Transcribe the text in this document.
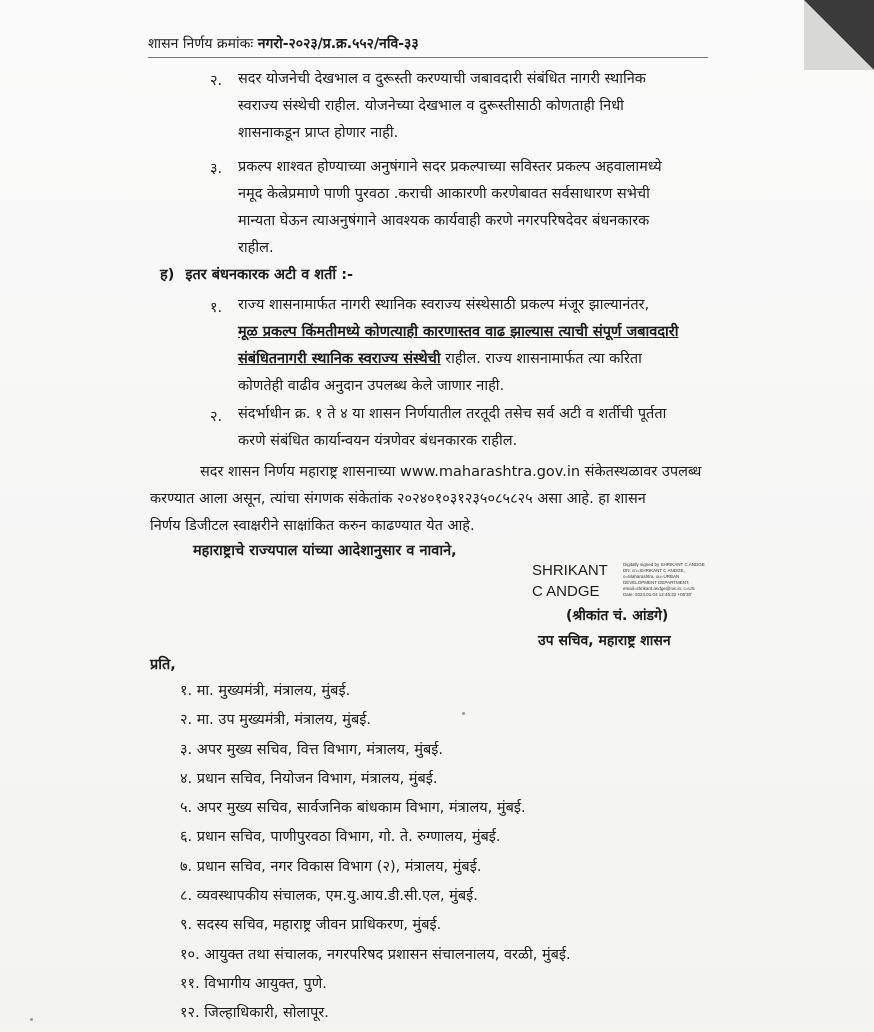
शासन निर्णय क्रमांकः नगरो-२०२३/प्र.क्र.५५२/नवि-३३
२. सदर योजनेची देखभाल व दुरूस्ती करण्याची जबावदारी संबंधित नागरी स्थानिक
स्वराज्य संस्थेची राहील. योजनेच्या देखभाल व दुरूस्तीसाठी कोणताही निधी
शासनाकडून प्राप्त होणार नाही.
३. प्रकल्प शाश्वत होण्याच्या अनुषंगाने सदर प्रकल्पाच्या सविस्तर प्रकल्प अहवालामध्ये
नमूद केल्रेप्रमाणे पाणी पुरवठा .कराची आकारणी करणेबावत सर्वसाधारण सभेची
मान्यता घेऊन त्याअनुषंगाने आवश्यक कार्यवाही करणे नगरपरिषदेवर बंधनकारक
राहील.
ह) इतर बंधनकारक अटी व शर्ती :-
१. राज्य शासनामार्फत नागरी स्थानिक स्वराज्य संस्थेसाठी प्रकल्प मंजूर झाल्यानंतर,
मूळ प्रकल्प किंमतीमध्ये कोणत्याही कारणास्तव वाढ झाल्यास त्याची संपूर्ण जबावदारी
संबंधितनागरी स्थानिक स्वराज्य संस्थेची राहील. राज्य शासनामार्फत त्या करिता
कोणतेही वाढीव अनुदान उपलब्ध केले जाणार नाही.
२. संदर्भाधीन क्र. १ ते ४ या शासन निर्णयातील तरतूदी तसेच सर्व अटी व शर्तीची पूर्तता
करणे संबंधित कार्यान्वयन यंत्रणेवर बंधनकारक राहील.
सदर शासन निर्णय महाराष्ट्र शासनाच्या www.maharashtra.gov.in संकेतस्थळावर उपलब्ध
करण्यात आला असून, त्यांचा संगणक संकेतांक २०२४०१०३१२३५०८५८२५ असा आहे. हा शासन
निर्णय डिजीटल स्वाक्षरीने साक्षांकित करुन काढण्यात येत आहे.
महाराष्ट्राचे राज्यपाल यांच्या आदेशानुसार व नावाने,
SHRIKANT
C ANDGE
Digitally signed by SHRIKANT C ANDGE
DN: cn=SHRIKANT C ANDGE,
o=Maharashtra, ou=URBAN
DEVELOPMENT DEPARTMENT,
email=shrikant.andge@nic.in, c=US
Date: 2024.01.03 12:45:32 +05'30'
(श्रीकांत चं. आंडगे)
उप सचिव, महाराष्ट्र शासन
प्रति,
१. मा. मुख्यमंत्री, मंत्रालय, मुंबई.
२. मा. उप मुख्यमंत्री, मंत्रालय, मुंबई.
३. अपर मुख्य सचिव, वित्त विभाग, मंत्रालय, मुंबई.
४. प्रधान सचिव, नियोजन विभाग, मंत्रालय, मुंबई.
५. अपर मुख्य सचिव, सार्वजनिक बांधकाम विभाग, मंत्रालय, मुंबई.
६. प्रधान सचिव, पाणीपुरवठा विभाग, गो. ते. रुग्णालय, मुंबई.
७. प्रधान सचिव, नगर विकास विभाग (२), मंत्रालय, मुंबई.
८. व्यवस्थापकीय संचालक, एम.यु.आय.डी.सी.एल, मुंबई.
९. सदस्य सचिव, महाराष्ट्र जीवन प्राधिकरण, मुंबई.
१०. आयुक्त तथा संचालक, नगरपरिषद प्रशासन संचालनालय, वरळी, मुंबई.
११. विभागीय आयुक्त, पुणे.
१२. जिल्हाधिकारी, सोलापूर.
